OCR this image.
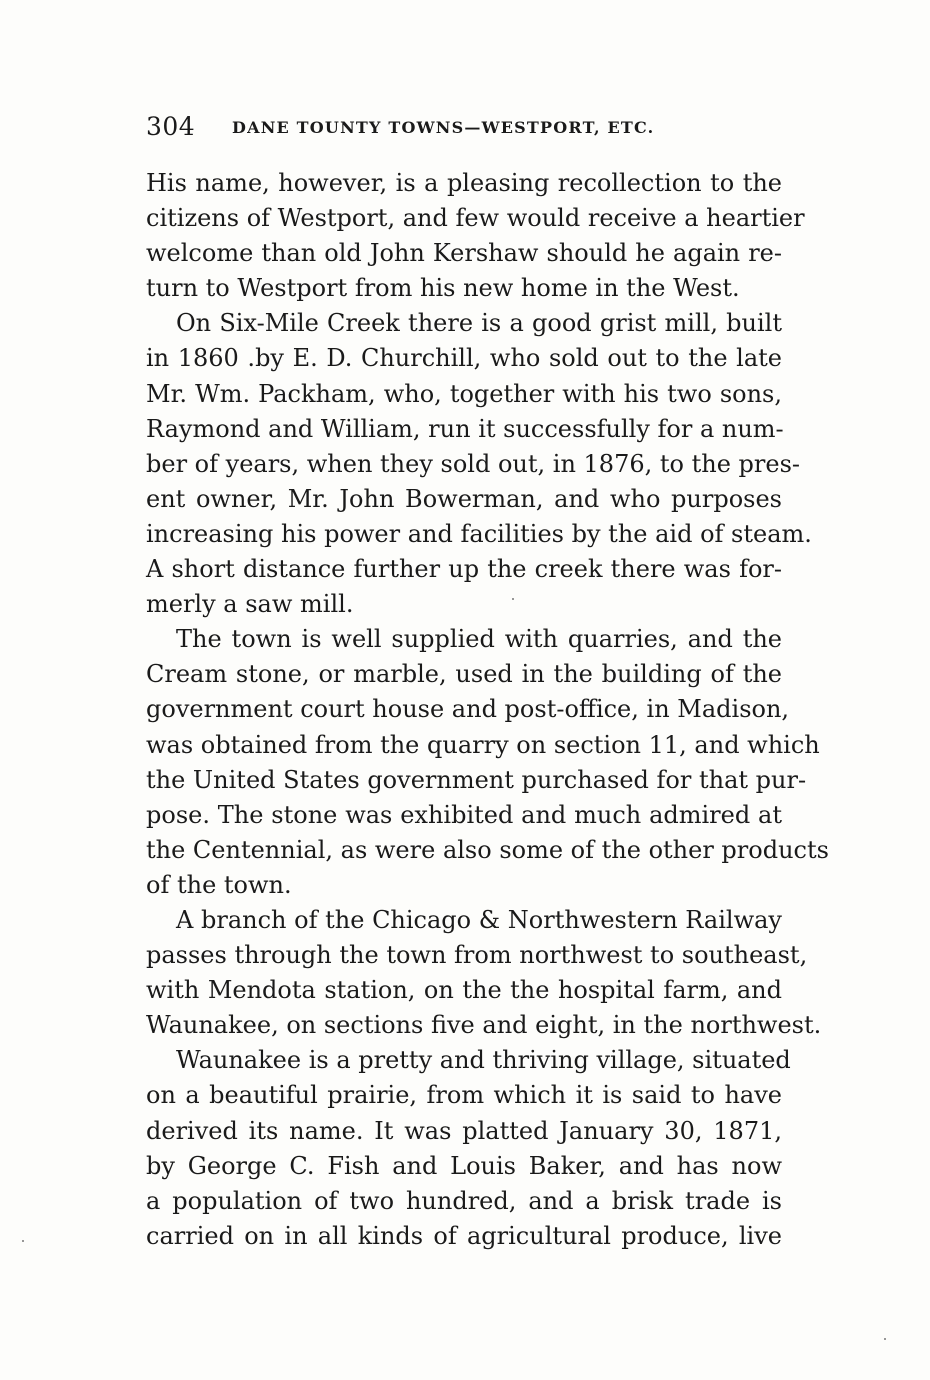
304 DANE TOUNTY TOWNS—WESTPORT, ETC.
His name, however, is a pleasing recollection to the
citizens of Westport, and few would receive a heartier
welcome than old John Kershaw should he again re-
turn to Westport from his new home in the West.
On Six-Mile Creek there is a good grist mill, built
in 1860 .by E. D. Churchill, who sold out to the late
Mr. Wm. Packham, who, together with his two sons,
Raymond and William, run it successfully for a num-
ber of years, when they sold out, in 1876, to the pres-
ent owner, Mr. John Bowerman, and who purposes
increasing his power and facilities by the aid of steam.
A short distance further up the creek there was for-
merly a saw mill.
The town is well supplied with quarries, and the
Cream stone, or marble, used in the building of the
government court house and post-office, in Madison,
was obtained from the quarry on section 11, and which
the United States government purchased for that pur-
pose. The stone was exhibited and much admired at
the Centennial, as were also some of the other products
of the town.
A branch of the Chicago & Northwestern Railway
passes through the town from northwest to southeast,
with Mendota station, on the the hospital farm, and
Waunakee, on sections five and eight, in the northwest.
Waunakee is a pretty and thriving village, situated
on a beautiful prairie, from which it is said to have
derived its name. It was platted January 30, 1871,
by George C. Fish and Louis Baker, and has now
a population of two hundred, and a brisk trade is
carried on in all kinds of agricultural produce, live
